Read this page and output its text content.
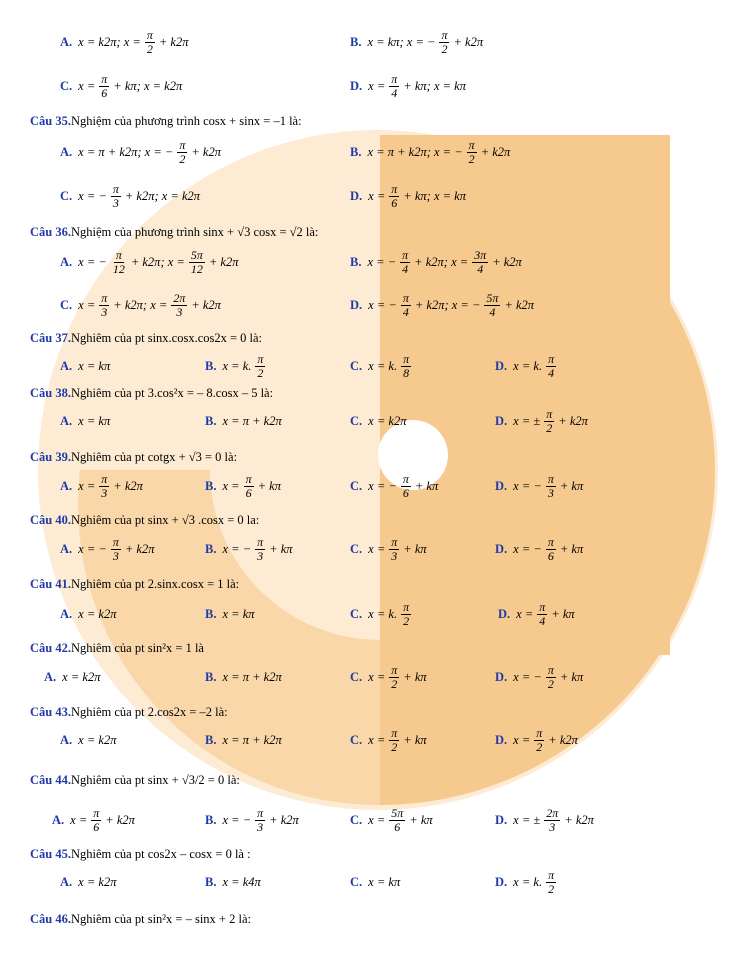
A. x = k2π; $x = \frac{\pi}{2} + k2\pi$	B. x = kπ; x = − $\frac{\pi}{2} + k2\pi$
C. $x = \frac{\pi}{6} + k\pi$; x = k2π	D. $x = \frac{\pi}{4} + k\pi$; x = kπ
Câu 35.Nghiệm của phương trình cosx + sinx = –1 là:
A. x = π + k2π; x = − $\frac{\pi}{2} + k2\pi$	B. x = π + k2π; x = − $\frac{\pi}{2} + k2\pi$
C. x = − $\frac{\pi}{3} + k2\pi$; x = k2π	D. $x = \frac{\pi}{6} + k\pi$; x = kπ
Câu 36.Nghiệm của phương trình sinx + √3 cosx = √2 là:
A. x = − $\frac{\pi}{12} + k2\pi$; $x = \frac{5\pi}{12} + k2\pi$	B. x = − $\frac{\pi}{4} + k2\pi$; $x = \frac{3\pi}{4} + k2\pi$
C. $x = \frac{\pi}{3} + k2\pi$; $x = \frac{2\pi}{3} + k2\pi$	D. x = − $\frac{\pi}{4} + k2\pi$; x = − $\frac{5\pi}{4} + k2\pi$
Câu 37.Nghiêm của pt sinx.cosx.cos2x = 0 là:
A. x = kπ	B. x = k. $\frac{\pi}{2}$	C. x = k. $\frac{\pi}{8}$	D. x = k. $\frac{\pi}{4}$
Câu 38.Nghiêm của pt 3.cos²x = – 8.cosx – 5 là:
A. x = kπ	B. x = π + k2π	C. x = k2π	D. x = ± $\frac{\pi}{2} + k2\pi$
Câu 39.Nghiêm của pt cotgx + √3 = 0 là:
A. $x = \frac{\pi}{3} + k2\pi$	B. $x = \frac{\pi}{6} + k\pi$	C. x = − $\frac{\pi}{6} + k\pi$	D. x = − $\frac{\pi}{3} + k\pi$
Câu 40.Nghiêm của pt sinx + √3 .cosx = 0 la:
A. x = − $\frac{\pi}{3} + k2\pi$	B. x = − $\frac{\pi}{3} + k\pi$	C. $x = \frac{\pi}{3} + k\pi$	D. x = − $\frac{\pi}{6} + k\pi$
Câu 41.Nghiêm của pt 2.sinx.cosx = 1 là:
A. x = k2π	B. x = kπ	C. x = k. $\frac{\pi}{2}$	D. $x = \frac{\pi}{4} + k\pi$
Câu 42.Nghiêm của pt sin²x = 1 là
A. x = k2π	B. x = π + k2π	C. $x = \frac{\pi}{2} + k\pi$	D. x = − $\frac{\pi}{2} + k\pi$
Câu 43.Nghiêm của pt 2.cos2x = –2 là:
A. x = k2π	B. x = π + k2π	C. $x = \frac{\pi}{2} + k\pi$	D. $x = \frac{\pi}{2} + k2\pi$
Câu 44.Nghiêm của pt sinx + √3/2 = 0 là:
A. $x = \frac{\pi}{6} + k2\pi$	B. x = − $\frac{\pi}{3} + k2\pi$	C. $x = \frac{5\pi}{6} + k\pi$	D. x = ± $\frac{2\pi}{3} + k2\pi$
Câu 45.Nghiêm của pt cos2x – cosx = 0 là :
A. x = k2π	B. x = k4π	C. x = kπ	D. x = k. $\frac{\pi}{2}$
Câu 46.Nghiêm của pt sin²x = – sinx + 2 là:
